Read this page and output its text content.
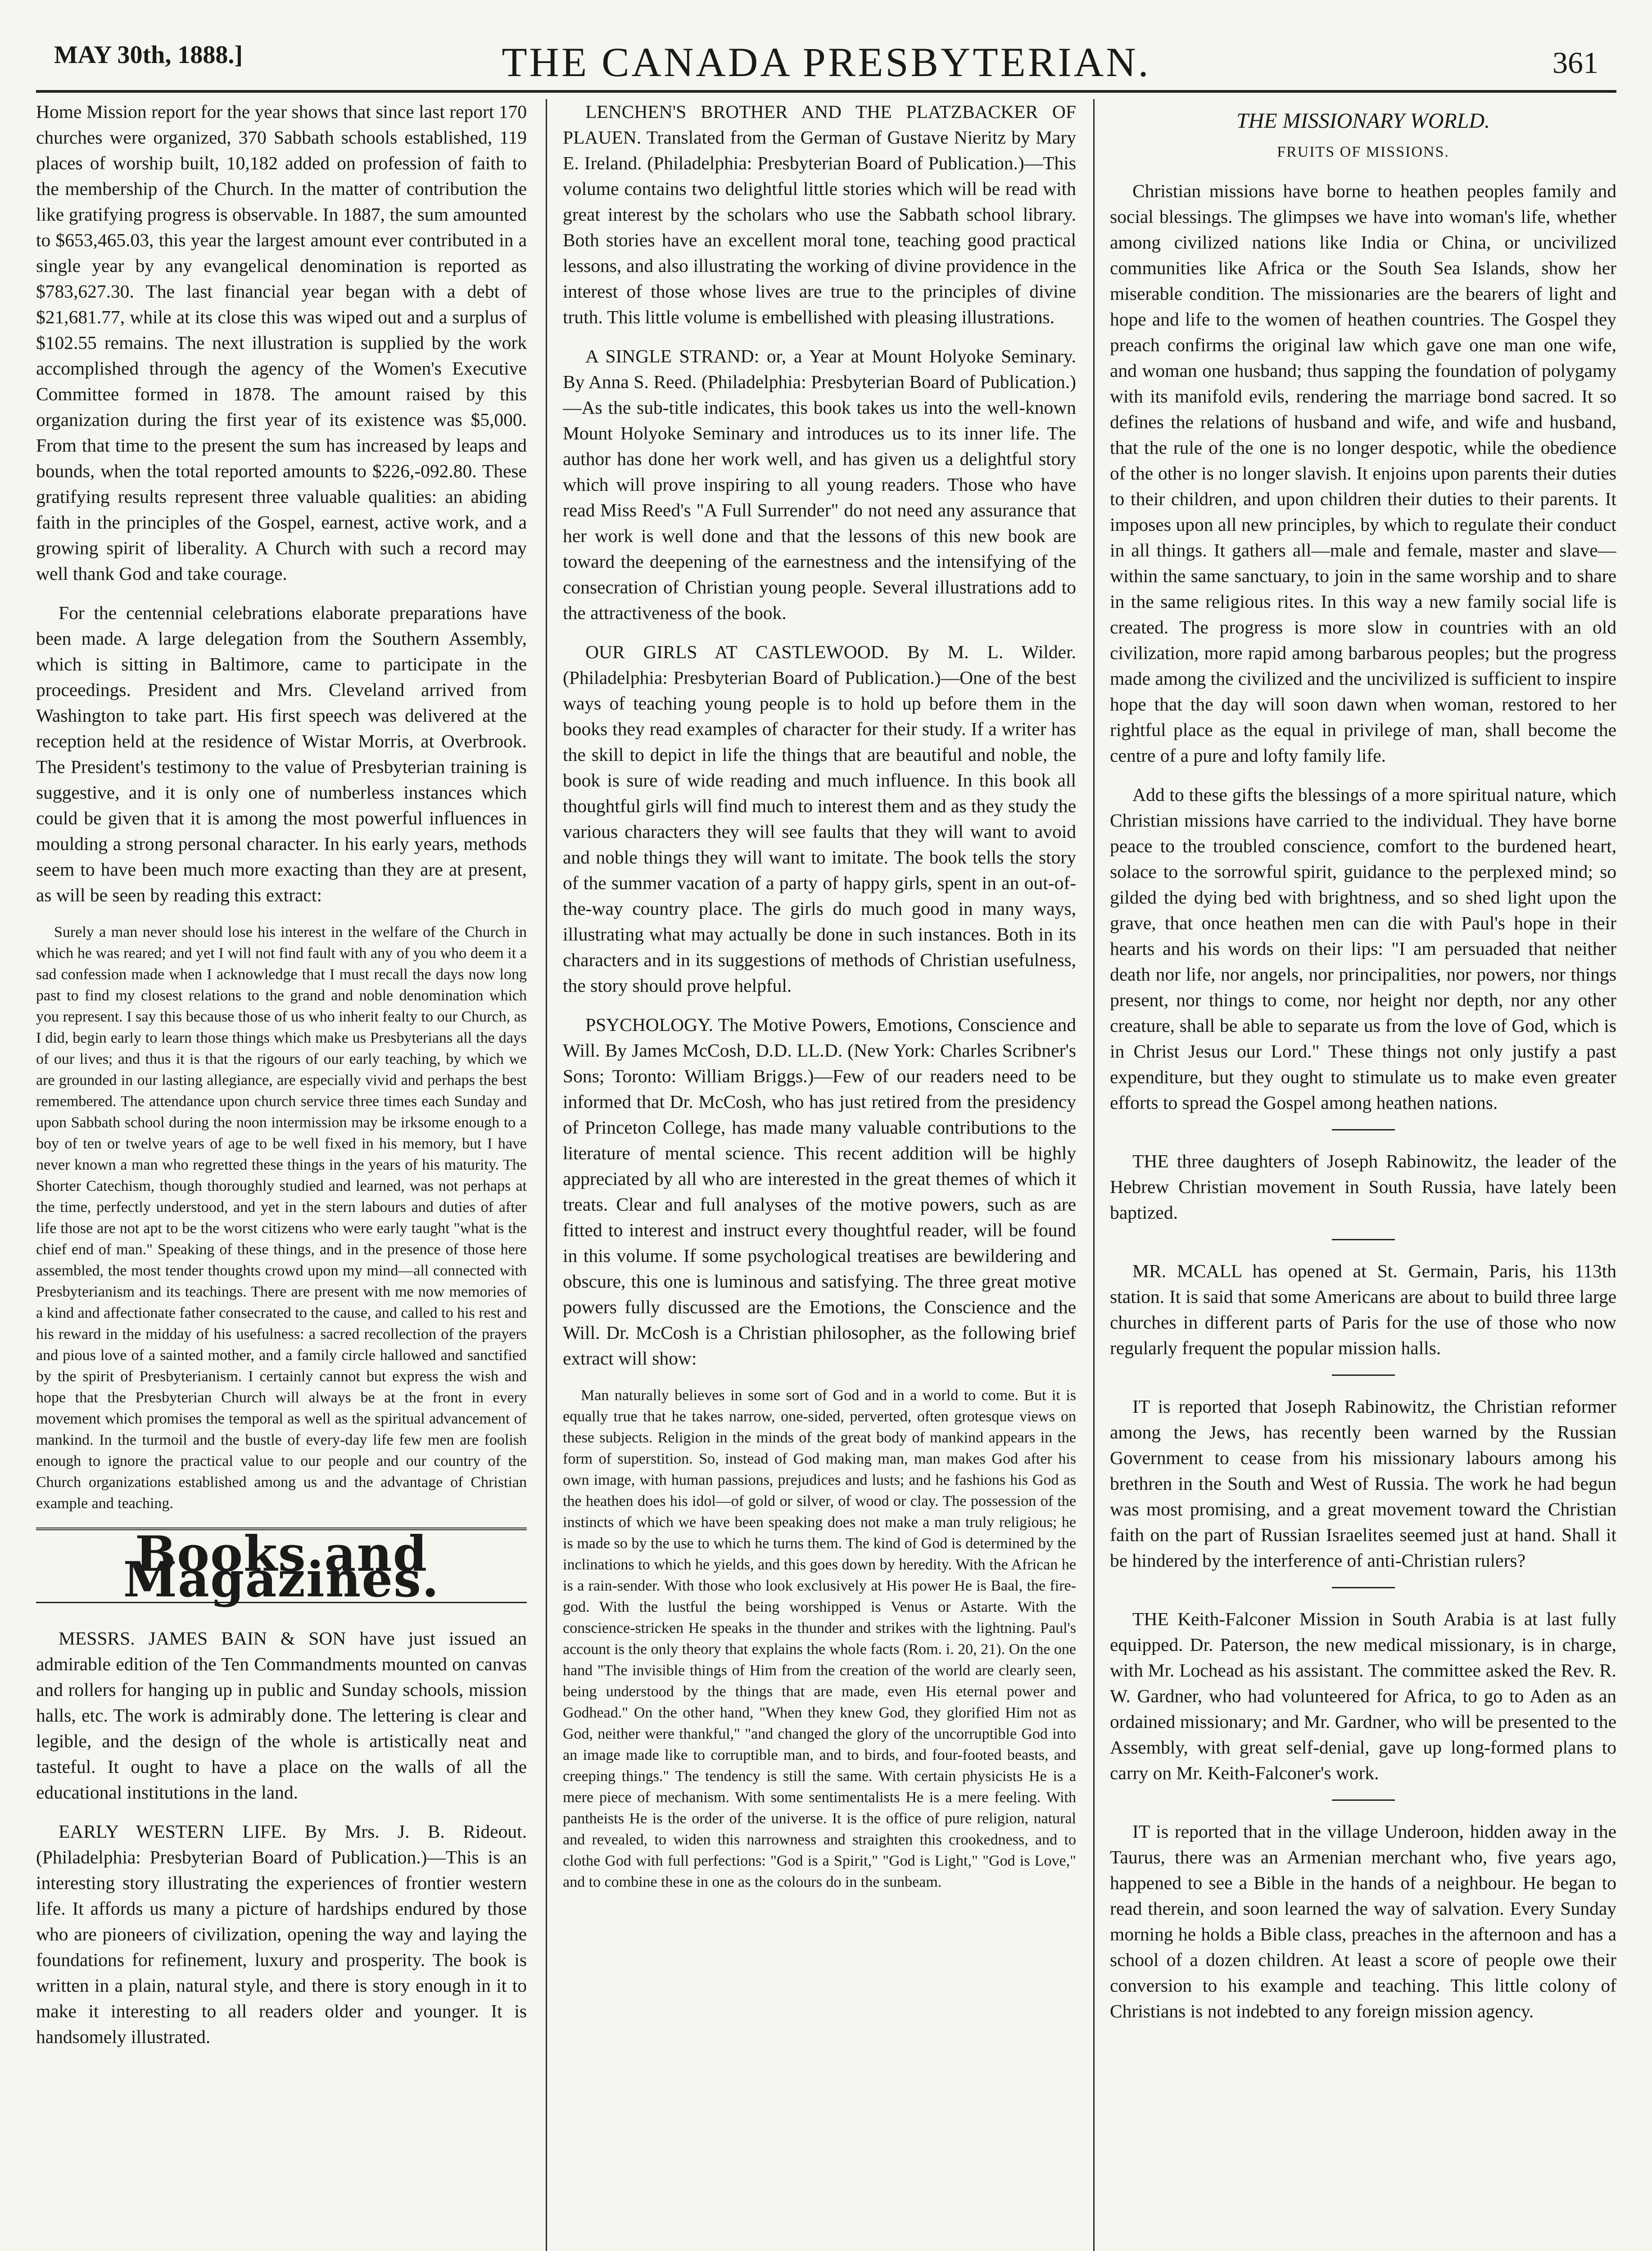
MAY 30th, 1888.]	THE CANADA PRESBYTERIAN.	361

Home Mission report for the year shows that since last report 170 churches were organized, 370 Sabbath schools established, 119 places of worship built, 10,182 added on profession of faith to the membership of the Church. In the matter of contribution the like gratifying progress is observable. In 1887, the sum amounted to $653,465.03, this year the largest amount ever contributed in a single year by any evangelical denomination is reported as $783,627.30. The last financial year began with a debt of $21,681.77, while at its close this was wiped out and a surplus of $102.55 remains. The next illustration is supplied by the work accomplished through the agency of the Women's Executive Committee formed in 1878. The amount raised by this organization during the first year of its existence was $5,000. From that time to the present the sum has increased by leaps and bounds, when the total reported amounts to $226,-092.80. These gratifying results represent three valuable qualities: an abiding faith in the principles of the Gospel, earnest, active work, and a growing spirit of liberality. A Church with such a record may well thank God and take courage.

For the centennial celebrations elaborate preparations have been made. A large delegation from the Southern Assembly, which is sitting in Baltimore, came to participate in the proceedings. President and Mrs. Cleveland arrived from Washington to take part. His first speech was delivered at the reception held at the residence of Wistar Morris, at Overbrook. The President's testimony to the value of Presbyterian training is suggestive, and it is only one of numberless instances which could be given that it is among the most powerful influences in moulding a strong personal character. In his early years, methods seem to have been much more exacting than they are at present, as will be seen by reading this extract:

Surely a man never should lose his interest in the welfare of the Church in which he was reared; and yet I will not find fault with any of you who deem it a sad confession made when I acknowledge that I must recall the days now long past to find my closest relations to the grand and noble denomination which you represent. I say this because those of us who inherit fealty to our Church, as I did, begin early to learn those things which make us Presbyterians all the days of our lives; and thus it is that the rigours of our early teaching, by which we are grounded in our lasting allegiance, are especially vivid and perhaps the best remembered. The attendance upon church service three times each Sunday and upon Sabbath school during the noon intermission may be irksome enough to a boy of ten or twelve years of age to be well fixed in his memory, but I have never known a man who regretted these things in the years of his maturity. The Shorter Catechism, though thoroughly studied and learned, was not perhaps at the time, perfectly understood, and yet in the stern labours and duties of after life those are not apt to be the worst citizens who were early taught "what is the chief end of man." Speaking of these things, and in the presence of those here assembled, the most tender thoughts crowd upon my mind—all connected with Presbyterianism and its teachings. There are present with me now memories of a kind and affectionate father consecrated to the cause, and called to his rest and his reward in the midday of his usefulness: a sacred recollection of the prayers and pious love of a sainted mother, and a family circle hallowed and sanctified by the spirit of Presbyterianism. I certainly cannot but express the wish and hope that the Presbyterian Church will always be at the front in every movement which promises the temporal as well as the spiritual advancement of mankind. In the turmoil and the bustle of every-day life few men are foolish enough to ignore the practical value to our people and our country of the Church organizations established among us and the advantage of Christian example and teaching.

Books and Magazines.

MESSRS. JAMES BAIN & SON have just issued an admirable edition of the Ten Commandments mounted on canvas and rollers for hanging up in public and Sunday schools, mission halls, etc. The work is admirably done. The lettering is clear and legible, and the design of the whole is artistically neat and tasteful. It ought to have a place on the walls of all the educational institutions in the land.

EARLY WESTERN LIFE. By Mrs. J. B. Rideout. (Philadelphia: Presbyterian Board of Publication.)—This is an interesting story illustrating the experiences of frontier western life. It affords us many a picture of hardships endured by those who are pioneers of civilization, opening the way and laying the foundations for refinement, luxury and prosperity. The book is written in a plain, natural style, and there is story enough in it to make it interesting to all readers older and younger. It is handsomely illustrated.

LENCHEN'S BROTHER AND THE PLATZBACKER OF PLAUEN. Translated from the German of Gustave Nieritz by Mary E. Ireland. (Philadelphia: Presbyterian Board of Publication.)—This volume contains two delightful little stories which will be read with great interest by the scholars who use the Sabbath school library. Both stories have an excellent moral tone, teaching good practical lessons, and also illustrating the working of divine providence in the interest of those whose lives are true to the principles of divine truth. This little volume is embellished with pleasing illustrations.

A SINGLE STRAND: or, a Year at Mount Holyoke Seminary. By Anna S. Reed. (Philadelphia: Presbyterian Board of Publication.)—As the sub-title indicates, this book takes us into the well-known Mount Holyoke Seminary and introduces us to its inner life. The author has done her work well, and has given us a delightful story which will prove inspiring to all young readers. Those who have read Miss Reed's "A Full Surrender" do not need any assurance that her work is well done and that the lessons of this new book are toward the deepening of the earnestness and the intensifying of the consecration of Christian young people. Several illustrations add to the attractiveness of the book.

OUR GIRLS AT CASTLEWOOD. By M. L. Wilder. (Philadelphia: Presbyterian Board of Publication.)—One of the best ways of teaching young people is to hold up before them in the books they read examples of character for their study. If a writer has the skill to depict in life the things that are beautiful and noble, the book is sure of wide reading and much influence. In this book all thoughtful girls will find much to interest them and as they study the various characters they will see faults that they will want to avoid and noble things they will want to imitate. The book tells the story of the summer vacation of a party of happy girls, spent in an out-of-the-way country place. The girls do much good in many ways, illustrating what may actually be done in such instances. Both in its characters and in its suggestions of methods of Christian usefulness, the story should prove helpful.

PSYCHOLOGY. The Motive Powers, Emotions, Conscience and Will. By James McCosh, D.D. LL.D. (New York: Charles Scribner's Sons; Toronto: William Briggs.)—Few of our readers need to be informed that Dr. McCosh, who has just retired from the presidency of Princeton College, has made many valuable contributions to the literature of mental science. This recent addition will be highly appreciated by all who are interested in the great themes of which it treats. Clear and full analyses of the motive powers, such as are fitted to interest and instruct every thoughtful reader, will be found in this volume. If some psychological treatises are bewildering and obscure, this one is luminous and satisfying. The three great motive powers fully discussed are the Emotions, the Conscience and the Will. Dr. McCosh is a Christian philosopher, as the following brief extract will show:

Man naturally believes in some sort of God and in a world to come. But it is equally true that he takes narrow, one-sided, perverted, often grotesque views on these subjects. Religion in the minds of the great body of mankind appears in the form of superstition. So, instead of God making man, man makes God after his own image, with human passions, prejudices and lusts; and he fashions his God as the heathen does his idol—of gold or silver, of wood or clay. The possession of the instincts of which we have been speaking does not make a man truly religious; he is made so by the use to which he turns them. The kind of God is determined by the inclinations to which he yields, and this goes down by heredity. With the African he is a rain-sender. With those who look exclusively at His power He is Baal, the fire-god. With the lustful the being worshipped is Venus or Astarte. With the conscience-stricken He speaks in the thunder and strikes with the lightning. Paul's account is the only theory that explains the whole facts (Rom. i. 20, 21). On the one hand "The invisible things of Him from the creation of the world are clearly seen, being understood by the things that are made, even His eternal power and Godhead." On the other hand, "When they knew God, they glorified Him not as God, neither were thankful," "and changed the glory of the uncorruptible God into an image made like to corruptible man, and to birds, and four-footed beasts, and creeping things." The tendency is still the same. With certain physicists He is a mere piece of mechanism. With some sentimentalists He is a mere feeling. With pantheists He is the order of the universe. It is the office of pure religion, natural and revealed, to widen this narrowness and straighten this crookedness, and to clothe God with full perfections: "God is a Spirit," "God is Light," "God is Love," and to combine these in one as the colours do in the sunbeam.

THE MISSIONARY WORLD.
FRUITS OF MISSIONS.

Christian missions have borne to heathen peoples family and social blessings. The glimpses we have into woman's life, whether among civilized nations like India or China, or uncivilized communities like Africa or the South Sea Islands, show her miserable condition. The missionaries are the bearers of light and hope and life to the women of heathen countries. The Gospel they preach confirms the original law which gave one man one wife, and woman one husband; thus sapping the foundation of polygamy with its manifold evils, rendering the marriage bond sacred. It so defines the relations of husband and wife, and wife and husband, that the rule of the one is no longer despotic, while the obedience of the other is no longer slavish. It enjoins upon parents their duties to their children, and upon children their duties to their parents. It imposes upon all new principles, by which to regulate their conduct in all things. It gathers all—male and female, master and slave—within the same sanctuary, to join in the same worship and to share in the same religious rites. In this way a new family social life is created. The progress is more slow in countries with an old civilization, more rapid among barbarous peoples; but the progress made among the civilized and the uncivilized is sufficient to inspire hope that the day will soon dawn when woman, restored to her rightful place as the equal in privilege of man, shall become the centre of a pure and lofty family life.

Add to these gifts the blessings of a more spiritual nature, which Christian missions have carried to the individual. They have borne peace to the troubled conscience, comfort to the burdened heart, solace to the sorrowful spirit, guidance to the perplexed mind; so gilded the dying bed with brightness, and so shed light upon the grave, that once heathen men can die with Paul's hope in their hearts and his words on their lips: "I am persuaded that neither death nor life, nor angels, nor principalities, nor powers, nor things present, nor things to come, nor height nor depth, nor any other creature, shall be able to separate us from the love of God, which is in Christ Jesus our Lord." These things not only justify a past expenditure, but they ought to stimulate us to make even greater efforts to spread the Gospel among heathen nations.

THE three daughters of Joseph Rabinowitz, the leader of the Hebrew Christian movement in South Russia, have lately been baptized.

MR. MCALL has opened at St. Germain, Paris, his 113th station. It is said that some Americans are about to build three large churches in different parts of Paris for the use of those who now regularly frequent the popular mission halls.

IT is reported that Joseph Rabinowitz, the Christian reformer among the Jews, has recently been warned by the Russian Government to cease from his missionary labours among his brethren in the South and West of Russia. The work he had begun was most promising, and a great movement toward the Christian faith on the part of Russian Israelites seemed just at hand. Shall it be hindered by the interference of anti-Christian rulers?

THE Keith-Falconer Mission in South Arabia is at last fully equipped. Dr. Paterson, the new medical missionary, is in charge, with Mr. Lochead as his assistant. The committee asked the Rev. R. W. Gardner, who had volunteered for Africa, to go to Aden as an ordained missionary; and Mr. Gardner, who will be presented to the Assembly, with great self-denial, gave up long-formed plans to carry on Mr. Keith-Falconer's work.

IT is reported that in the village Underoon, hidden away in the Taurus, there was an Armenian merchant who, five years ago, happened to see a Bible in the hands of a neighbour. He began to read therein, and soon learned the way of salvation. Every Sunday morning he holds a Bible class, preaches in the afternoon and has a school of a dozen children. At least a score of people owe their conversion to his example and teaching. This little colony of Christians is not indebted to any foreign mission agency.
